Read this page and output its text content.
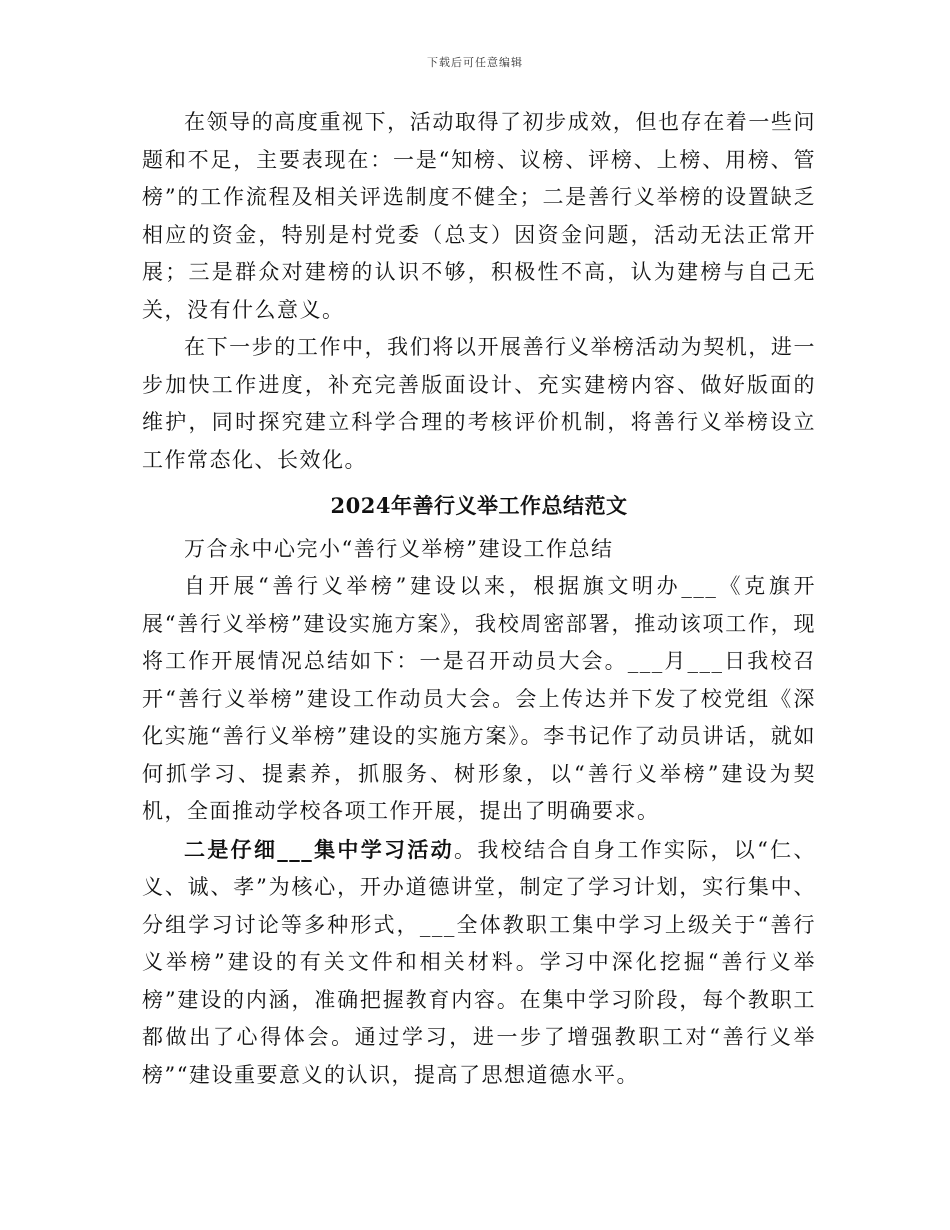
下载后可任意编辑

在领导的高度重视下，活动取得了初步成效，但也存在着一些问题和不足，主要表现在：一是“知榜、议榜、评榜、上榜、用榜、管榜”的工作流程及相关评选制度不健全；二是善行义举榜的设置缺乏相应的资金，特别是村党委（总支）因资金问题，活动无法正常开展；三是群众对建榜的认识不够，积极性不高，认为建榜与自己无关，没有什么意义。

在下一步的工作中，我们将以开展善行义举榜活动为契机，进一步加快工作进度，补充完善版面设计、充实建榜内容、做好版面的维护，同时探究建立科学合理的考核评价机制，将善行义举榜设立工作常态化、长效化。

2024年善行义举工作总结范文

万合永中心完小“善行义举榜”建设工作总结

自开展“善行义举榜”建设以来，根据旗文明办___《克旗开展“善行义举榜”建设实施方案》，我校周密部署，推动该项工作，现将工作开展情况总结如下：一是召开动员大会。___月___日我校召开“善行义举榜”建设工作动员大会。会上传达并下发了校党组《深化实施“善行义举榜”建设的实施方案》。李书记作了动员讲话，就如何抓学习、提素养，抓服务、树形象，以“善行义举榜”建设为契机，全面推动学校各项工作开展，提出了明确要求。

二是仔细___集中学习活动。我校结合自身工作实际，以“仁、义、诚、孝”为核心，开办道德讲堂，制定了学习计划，实行集中、分组学习讨论等多种形式，___全体教职工集中学习上级关于“善行义举榜”建设的有关文件和相关材料。学习中深化挖掘“善行义举榜”建设的内涵，准确把握教育内容。在集中学习阶段，每个教职工都做出了心得体会。通过学习，进一步了增强教职工对“善行义举榜”“建设重要意义的认识，提高了思想道德水平。
